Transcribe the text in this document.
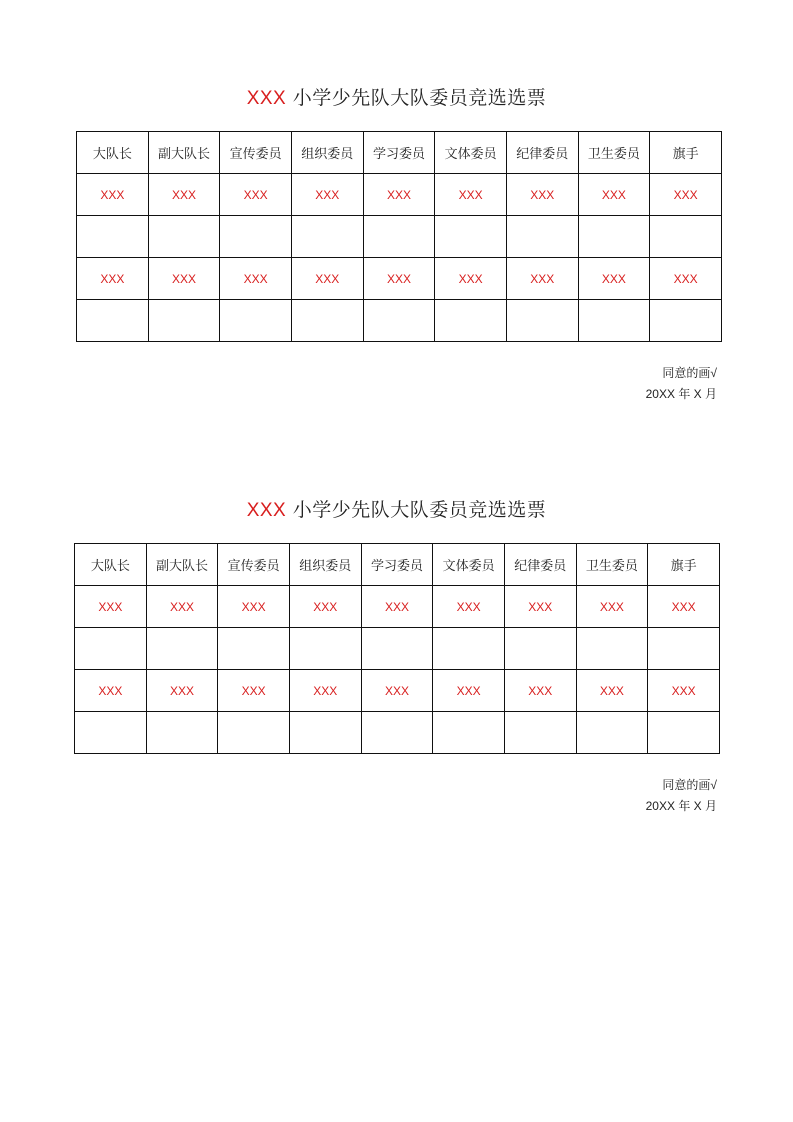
XXX 小学少先队大队委员竞选选票
大队长	副大队长	宣传委员	组织委员	学习委员	文体委员	纪律委员	卫生委员	旗手
XXX	XXX	XXX	XXX	XXX	XXX	XXX	XXX	XXX

XXX	XXX	XXX	XXX	XXX	XXX	XXX	XXX	XXX

同意的画√
20XX 年 X 月
XXX 小学少先队大队委员竞选选票
大队长	副大队长	宣传委员	组织委员	学习委员	文体委员	纪律委员	卫生委员	旗手
XXX	XXX	XXX	XXX	XXX	XXX	XXX	XXX	XXX

XXX	XXX	XXX	XXX	XXX	XXX	XXX	XXX	XXX

同意的画√
20XX 年 X 月
